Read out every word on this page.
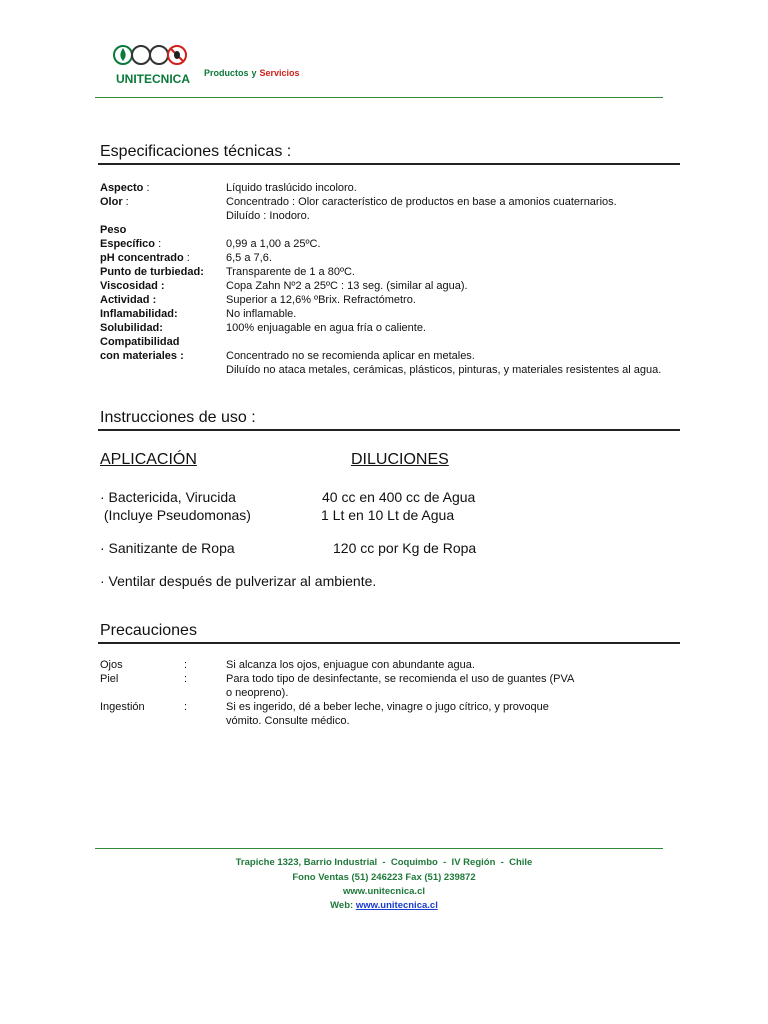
UNITECNICA Productos y Servicios
Especificaciones técnicas :
Aspecto :	Líquido traslúcido incoloro.
Olor :	Concentrado : Olor característico de productos en base a amonios cuaternarios.
Diluído : Inodoro.
Peso
Específico :	0,99 a 1,00 a 25ºC.
pH concentrado :	6,5 a 7,6.
Punto de turbiedad: Transparente de 1 a 80ºC.
Viscosidad :	Copa Zahn Nº2 a 25ºC : 13 seg. (similar al agua).
Actividad :	Superior a 12,6% ºBrix. Refractómetro.
Inflamabilidad:	No inflamable.
Solubilidad:	100% enjuagable en agua fría o caliente.
Compatibilidad
con materiales :	Concentrado no se recomienda aplicar en metales.
Diluído no ataca metales, cerámicas, plásticos, pinturas, y materiales resistentes al agua.
Instrucciones de uso :
APLICACIÓN	DILUCIONES
· Bactericida, Virucida	40 cc en 400 cc de Agua
(Incluye Pseudomonas)	1 Lt en 10 Lt de Agua
· Sanitizante de Ropa	120 cc por Kg de Ropa
· Ventilar después de pulverizar al ambiente.
Precauciones
Ojos	:	Si alcanza los ojos, enjuague con abundante agua.
Piel	:	Para todo tipo de desinfectante, se recomienda el uso de guantes (PVA o neopreno).
Ingestión	:	Si es ingerido, dé a beber leche, vinagre o jugo cítrico, y provoque vómito. Consulte médico.
Trapiche 1323, Barrio Industrial  -  Coquimbo  -  IV Región  -  Chile
Fono Ventas (51) 246223 Fax (51) 239872
www.unitecnica.cl
Web: www.unitecnica.cl
